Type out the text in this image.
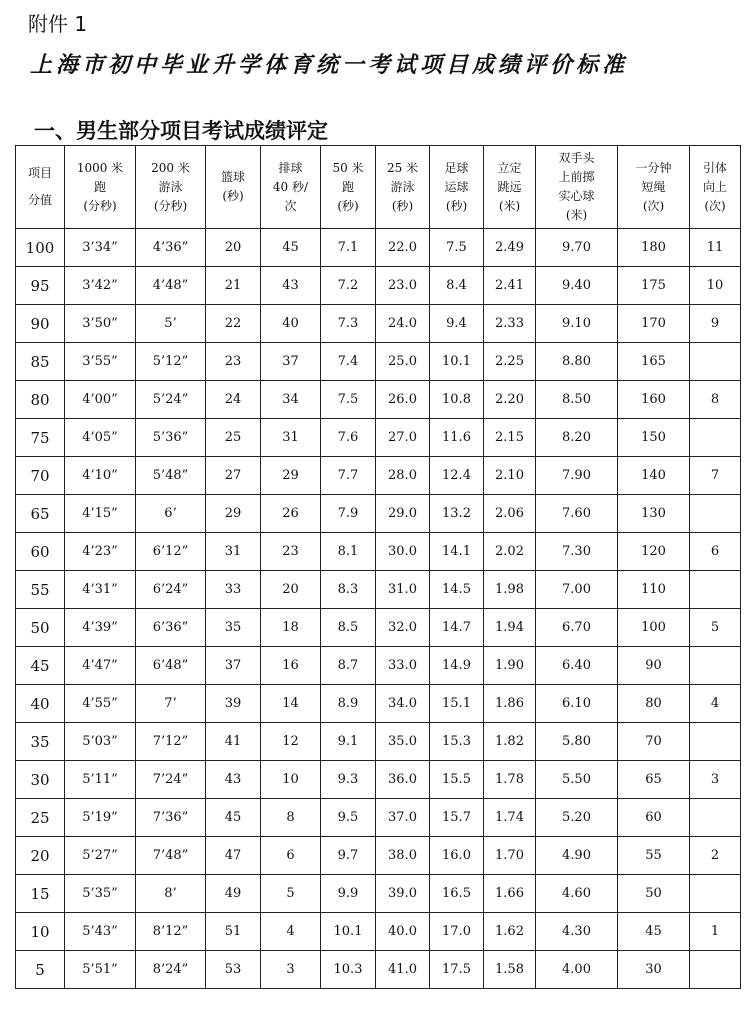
附件 1
上海市初中毕业升学体育统一考试项目成绩评价标准
一、男生部分项目考试成绩评定
项目
分值	1000 米
跑
(分秒)	200 米
游泳
(分秒)	篮球
(秒)	排球
40 秒/
次	50 米
跑
(秒)	25 米
游泳
(秒)	足球
运球
(秒)	立定
跳远
(米)	双手头
上前掷
实心球
(米)	一分钟
短绳
(次)	引体
向上
(次)

100	3’34”	4’36”	20	45	7.1	22.0	7.5	2.49	9.70	180	11
95	3’42”	4’48”	21	43	7.2	23.0	8.4	2.41	9.40	175	10
90	3’50”	5’	22	40	7.3	24.0	9.4	2.33	9.10	170	9
85	3’55”	5’12”	23	37	7.4	25.0	10.1	2.25	8.80	165	
80	4’00”	5’24”	24	34	7.5	26.0	10.8	2.20	8.50	160	8
75	4’05”	5’36”	25	31	7.6	27.0	11.6	2.15	8.20	150	
70	4’10”	5’48”	27	29	7.7	28.0	12.4	2.10	7.90	140	7
65	4’15”	6’	29	26	7.9	29.0	13.2	2.06	7.60	130	
60	4’23”	6’12”	31	23	8.1	30.0	14.1	2.02	7.30	120	6
55	4’31”	6’24”	33	20	8.3	31.0	14.5	1.98	7.00	110	
50	4’39”	6’36”	35	18	8.5	32.0	14.7	1.94	6.70	100	5
45	4’47”	6’48”	37	16	8.7	33.0	14.9	1.90	6.40	90	
40	4’55”	7’	39	14	8.9	34.0	15.1	1.86	6.10	80	4
35	5’03”	7’12”	41	12	9.1	35.0	15.3	1.82	5.80	70	
30	5’11”	7’24”	43	10	9.3	36.0	15.5	1.78	5.50	65	3
25	5’19”	7’36”	45	8	9.5	37.0	15.7	1.74	5.20	60	
20	5’27”	7’48”	47	6	9.7	38.0	16.0	1.70	4.90	55	2
15	5’35”	8’	49	5	9.9	39.0	16.5	1.66	4.60	50	
10	5’43”	8’12”	51	4	10.1	40.0	17.0	1.62	4.30	45	1
5	5’51”	8’24”	53	3	10.3	41.0	17.5	1.58	4.00	30	
